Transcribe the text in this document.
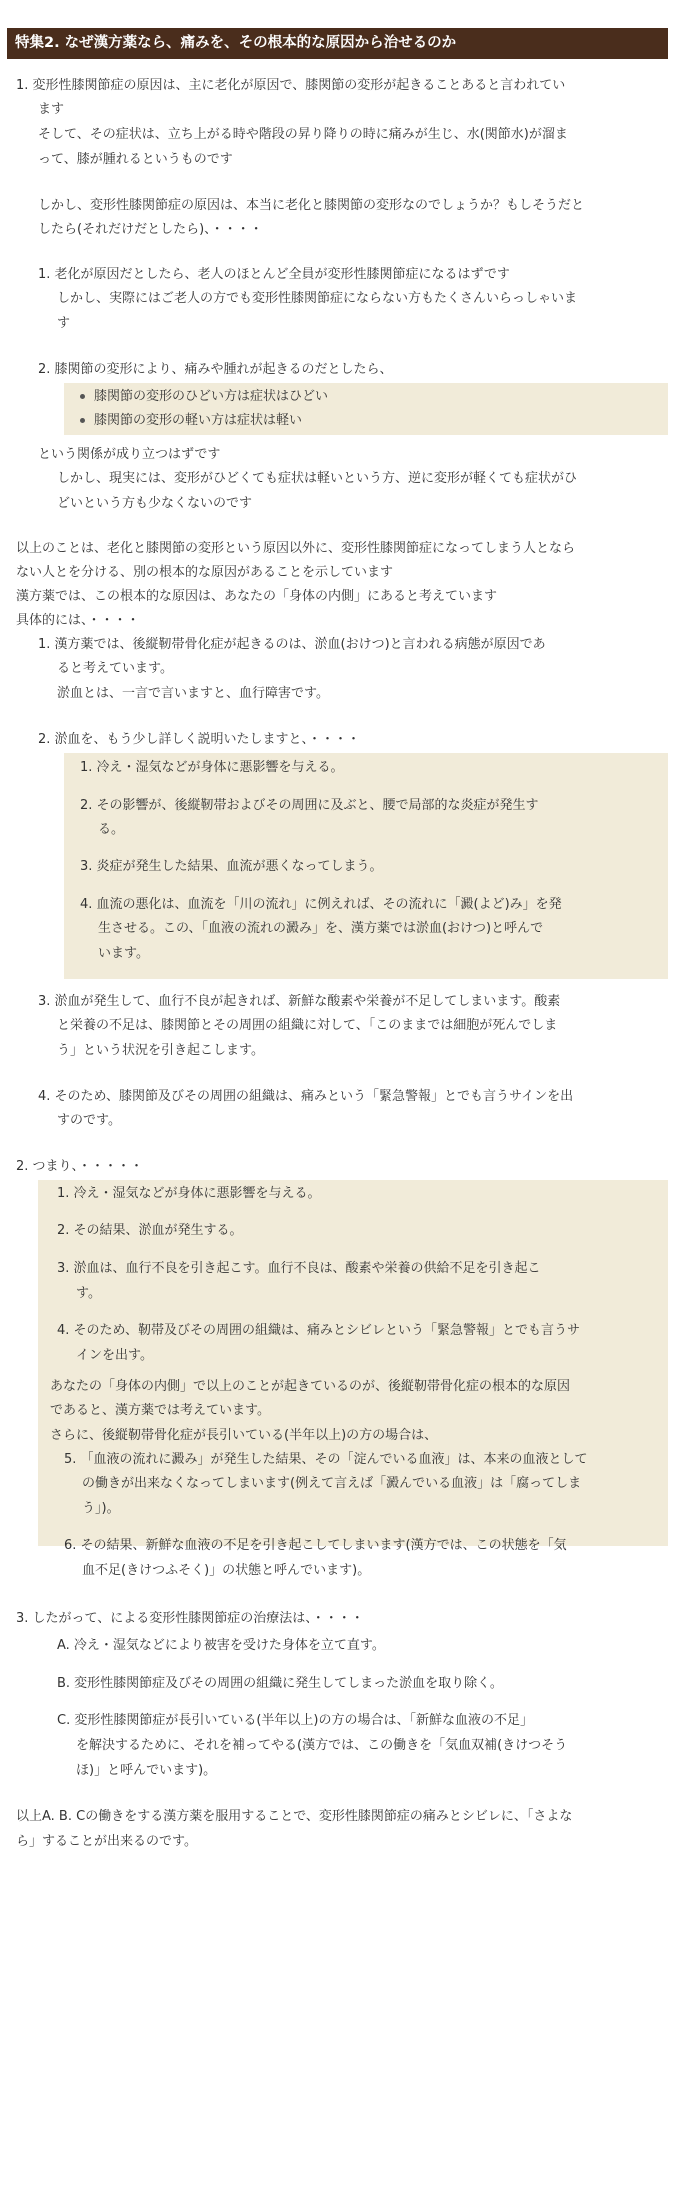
特集2. なぜ漢方薬なら、痛みを、その根本的な原因から治せるのか
1. 変形性膝関節症の原因は、主に老化が原因で、膝関節の変形が起きることあると言われてい
ます
そして、その症状は、立ち上がる時や階段の昇り降りの時に痛みが生じ、水(関節水)が溜ま
って、膝が腫れるというものです
しかし、変形性膝関節症の原因は、本当に老化と膝関節の変形なのでしょうか？もしそうだと
したら(それだけだとしたら)、・・・・
1. 老化が原因だとしたら、老人のほとんど全員が変形性膝関節症になるはずです
しかし、実際にはご老人の方でも変形性膝関節症にならない方もたくさんいらっしゃいま
す
2. 膝関節の変形により、痛みや腫れが起きるのだとしたら、
膝関節の変形のひどい方は症状はひどい
膝関節の変形の軽い方は症状は軽い
という関係が成り立つはずです
しかし、現実には、変形がひどくても症状は軽いという方、逆に変形が軽くても症状がひ
どいという方も少なくないのです
以上のことは、老化と膝関節の変形という原因以外に、変形性膝関節症になってしまう人となら
ない人とを分ける、別の根本的な原因があることを示しています
漢方薬では、この根本的な原因は、あなたの「身体の内側」にあると考えています
具体的には、・・・・
1. 漢方薬では、後縦靭帯骨化症が起きるのは、淤血(おけつ)と言われる病態が原因であ
ると考えています。
淤血とは、一言で言いますと、血行障害です。
2. 淤血を、もう少し詳しく説明いたしますと、・・・・
1. 冷え・湿気などが身体に悪影響を与える。
2. その影響が、後縦靭帯およびその周囲に及ぶと、腰で局部的な炎症が発生す
る。
3. 炎症が発生した結果、血流が悪くなってしまう。
4. 血流の悪化は、血流を「川の流れ」に例えれば、その流れに「澱(よど)み」を発
生させる。この、「血液の流れの澱み」を、漢方薬では淤血(おけつ)と呼んで
います。
3. 淤血が発生して、血行不良が起きれば、新鮮な酸素や栄養が不足してしまいます。酸素
と栄養の不足は、膝関節とその周囲の組織に対して、「このままでは細胞が死んでしま
う」という状況を引き起こします。
4. そのため、膝関節及びその周囲の組織は、痛みという「緊急警報」とでも言うサインを出
すのです。
2. つまり、・・・・・
1. 冷え・湿気などが身体に悪影響を与える。
2. その結果、淤血が発生する。
3. 淤血は、血行不良を引き起こす。血行不良は、酸素や栄養の供給不足を引き起こ
す。
4. そのため、靭帯及びその周囲の組織は、痛みとシビレという「緊急警報」とでも言うサ
インを出す。
あなたの「身体の内側」で以上のことが起きているのが、後縦靭帯骨化症の根本的な原因
であると、漢方薬では考えています。
さらに、後縦靭帯骨化症が長引いている(半年以上)の方の場合は、
5. 「血液の流れに澱み」が発生した結果、その「淀んでいる血液」は、本来の血液として
の働きが出来なくなってしまいます(例えて言えば「澱んでいる血液」は「腐ってしま
う」)。
6. その結果、新鮮な血液の不足を引き起こしてしまいます(漢方では、この状態を「気
血不足(きけつふそく)」の状態と呼んでいます)。
3. したがって、による変形性膝関節症の治療法は、・・・・
A. 冷え・湿気などにより被害を受けた身体を立て直す。
B. 変形性膝関節症及びその周囲の組織に発生してしまった淤血を取り除く。
C. 変形性膝関節症が長引いている(半年以上)の方の場合は、「新鮮な血液の不足」
を解決するために、それを補ってやる(漢方では、この働きを「気血双補(きけつそう
ほ)」と呼んでいます)。
以上A. B. Cの働きをする漢方薬を服用することで、変形性膝関節症の痛みとシビレに、「さよな
ら」することが出来るのです。
